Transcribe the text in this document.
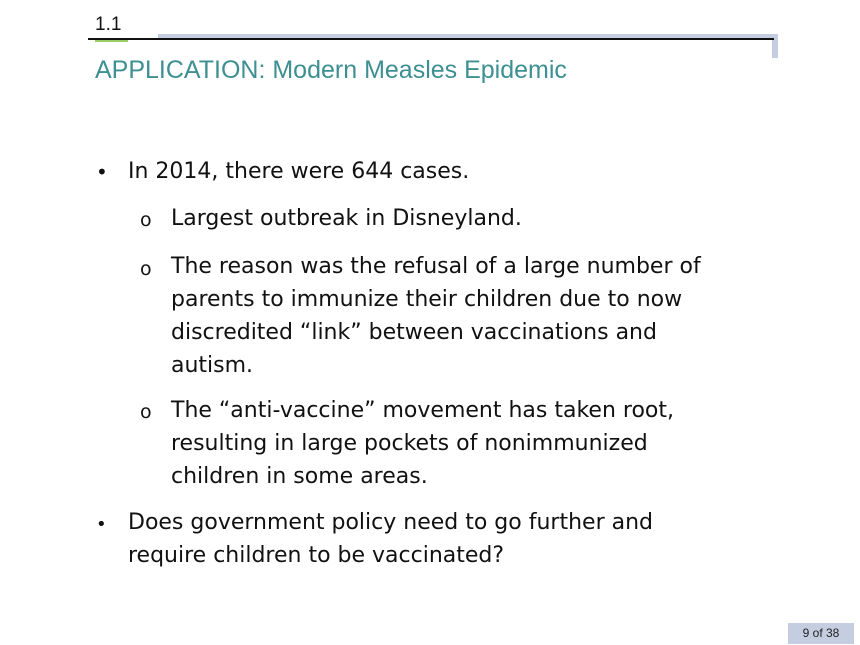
1.1
APPLICATION: Modern Measles Epidemic
• In 2014, there were 644 cases.
o Largest outbreak in Disneyland.
o The reason was the refusal of a large number of
parents to immunize their children due to now
discredited “link” between vaccinations and
autism.
o The “anti-vaccine” movement has taken root,
resulting in large pockets of nonimmunized
children in some areas.
• Does government policy need to go further and
require children to be vaccinated?
9 of 38
